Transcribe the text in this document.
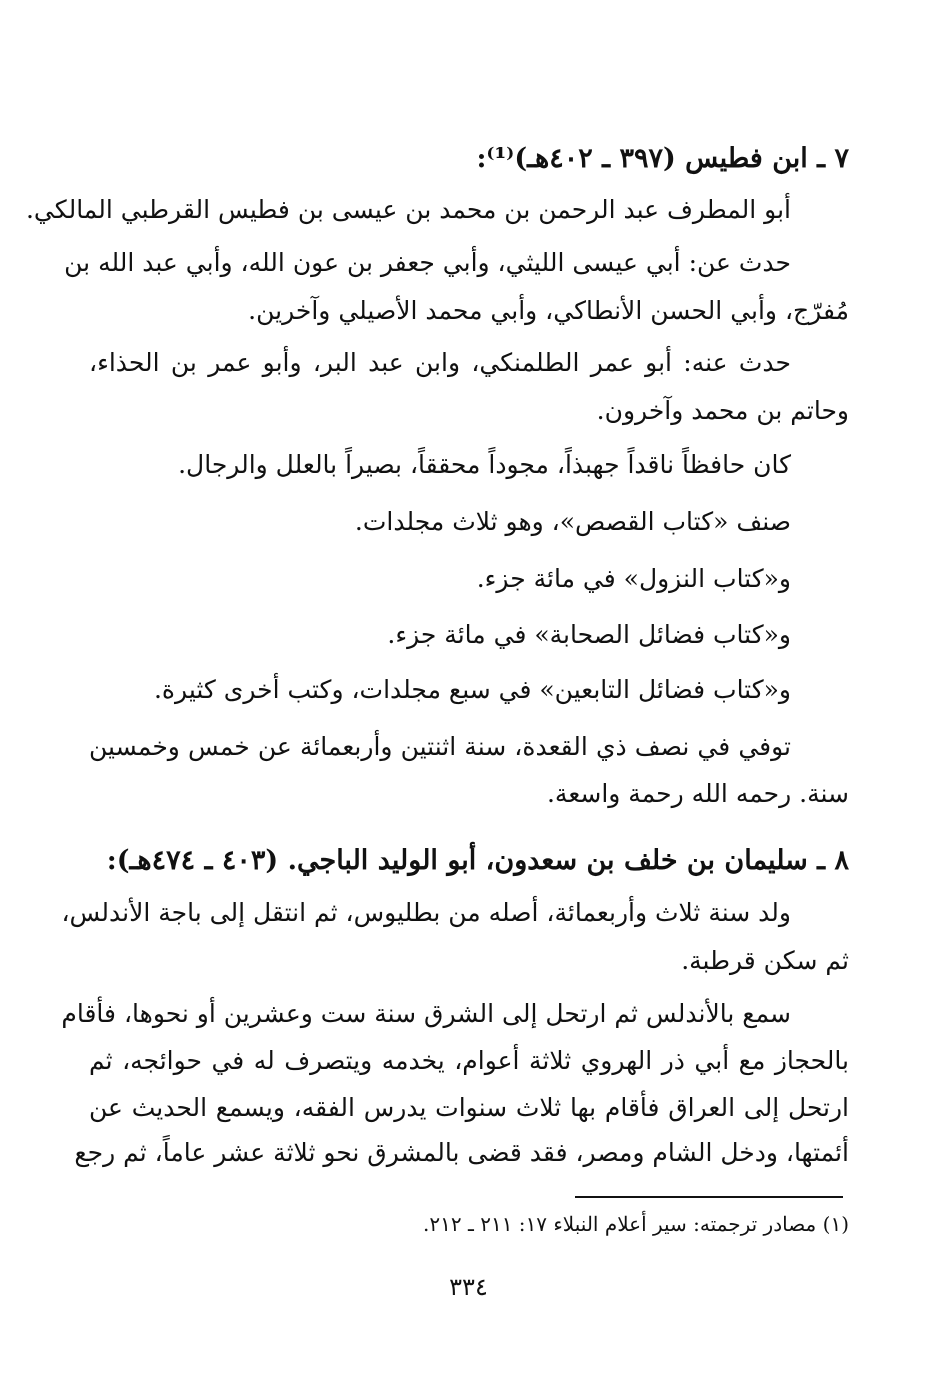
٧ ـ ابن فطيس (٣٩٧ ـ ٤٠٢هـ)⁽¹⁾:

أبو المطرف عبد الرحمن بن محمد بن عيسى بن فطيس القرطبي المالكي.

حدث عن: أبي عيسى الليثي، وأبي جعفر بن عون الله، وأبي عبد الله بن

مُفرّج، وأبي الحسن الأنطاكي، وأبي محمد الأصيلي وآخرين.

حدث عنه: أبو عمر الطلمنكي، وابن عبد البر، وأبو عمر بن الحذاء،

وحاتم بن محمد وآخرون.

كان حافظاً ناقداً جهبذاً، مجوداً محققاً، بصيراً بالعلل والرجال.

صنف «كتاب القصص»، وهو ثلاث مجلدات.

و«كتاب النزول» في مائة جزء.

و«كتاب فضائل الصحابة» في مائة جزء.

و«كتاب فضائل التابعين» في سبع مجلدات، وكتب أخرى كثيرة.

توفي في نصف ذي القعدة، سنة اثنتين وأربعمائة عن خمس وخمسين

سنة. رحمه الله رحمة واسعة.

٨ ـ سليمان بن خلف بن سعدون، أبو الوليد الباجي. (٤٠٣ ـ ٤٧٤هـ):

ولد سنة ثلاث وأربعمائة، أصله من بطليوس، ثم انتقل إلى باجة الأندلس،

ثم سكن قرطبة.

سمع بالأندلس ثم ارتحل إلى الشرق سنة ست وعشرين أو نحوها، فأقام

بالحجاز مع أبي ذر الهروي ثلاثة أعوام، يخدمه ويتصرف له في حوائجه، ثم

ارتحل إلى العراق فأقام بها ثلاث سنوات يدرس الفقه، ويسمع الحديث عن

أئمتها، ودخل الشام ومصر، فقد قضى بالمشرق نحو ثلاثة عشر عاماً، ثم رجع

(١) مصادر ترجمته: سير أعلام النبلاء ١٧: ٢١١ ـ ٢١٢.

٣٣٤
